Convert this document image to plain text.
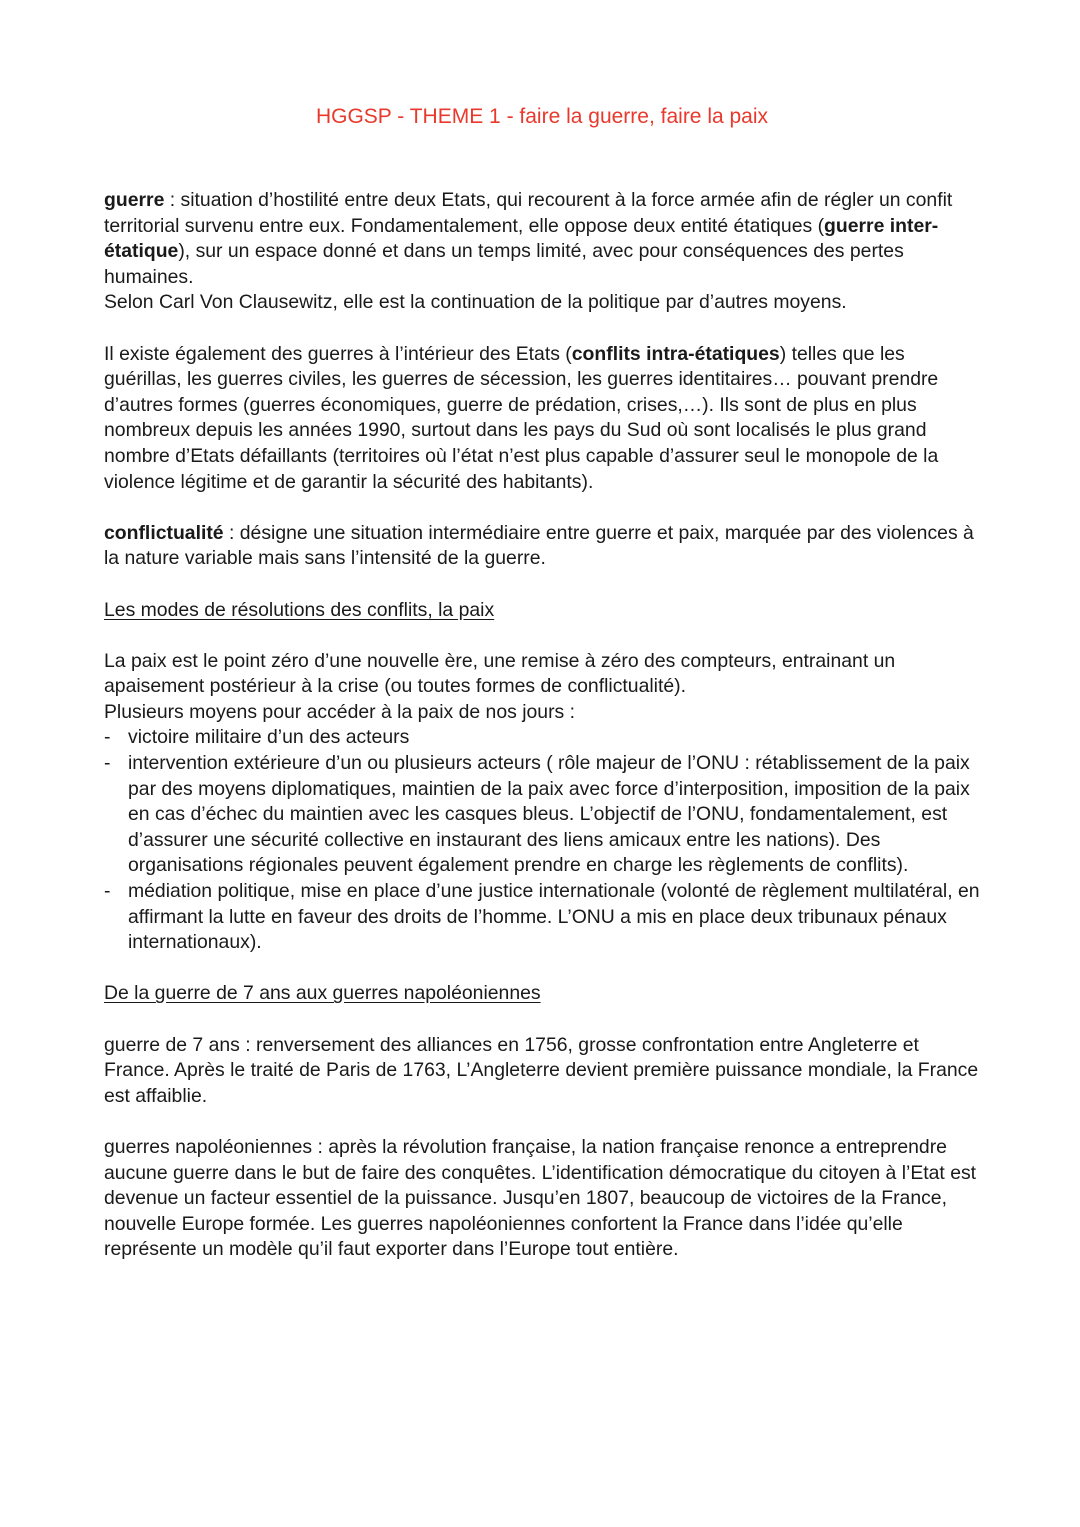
HGGSP - THEME 1 - faire la guerre, faire la paix

guerre : situation d’hostilité entre deux Etats, qui recourent à la force armée afin de régler un confit territorial survenu entre eux. Fondamentalement, elle oppose deux entité étatiques (guerre inter-étatique), sur un espace donné et dans un temps limité, avec pour conséquences des pertes humaines.

Selon Carl Von Clausewitz, elle est la continuation de la politique par d’autres moyens.

Il existe également des guerres à l’intérieur des Etats (conflits intra-étatiques) telles que les guérillas, les guerres civiles, les guerres de sécession, les guerres identitaires… pouvant prendre d’autres formes (guerres économiques, guerre de prédation, crises,…). Ils sont de plus en plus nombreux depuis les années 1990, surtout dans les pays du Sud où sont localisés le plus grand nombre d’Etats défaillants (territoires où l’état n’est plus capable d’assurer seul le monopole de la violence légitime et de garantir la sécurité des habitants).

conflictualité : désigne une situation intermédiaire entre guerre et paix, marquée par des violences à la nature variable mais sans l’intensité de la guerre.

Les modes de résolutions des conflits, la paix

La paix est le point zéro d’une nouvelle ère, une remise à zéro des compteurs, entrainant un apaisement postérieur à la crise (ou toutes formes de conflictualité).

Plusieurs moyens pour accéder à la paix de nos jours :

- victoire militaire d’un des acteurs
- intervention extérieure d’un ou plusieurs acteurs ( rôle majeur de l’ONU : rétablissement de la paix par des moyens diplomatiques, maintien de la paix avec force d’interposition, imposition de la paix en cas d’échec du maintien avec les casques bleus. L’objectif de l’ONU, fondamentalement, est d’assurer une sécurité collective en instaurant des liens amicaux entre les nations). Des organisations régionales peuvent également prendre en charge les règlements de conflits).
- médiation politique, mise en place d’une justice internationale (volonté de règlement multilatéral, en affirmant la lutte en faveur des droits de l’homme. L’ONU a mis en place deux tribunaux pénaux internationaux).

De la guerre de 7 ans aux guerres napoléoniennes

guerre de 7 ans : renversement des alliances en 1756, grosse confrontation entre Angleterre et France. Après le traité de Paris de 1763, L’Angleterre devient première puissance mondiale, la France est affaiblie.

guerres napoléoniennes : après la révolution française, la nation française renonce a entreprendre aucune guerre dans le but de faire des conquêtes. L’identification démocratique du citoyen à l’Etat est devenue un facteur essentiel de la puissance. Jusqu’en 1807, beaucoup de victoires de la France, nouvelle Europe formée. Les guerres napoléoniennes confortent la France dans l’idée qu’elle représente un modèle qu’il faut exporter dans l’Europe tout entière.
